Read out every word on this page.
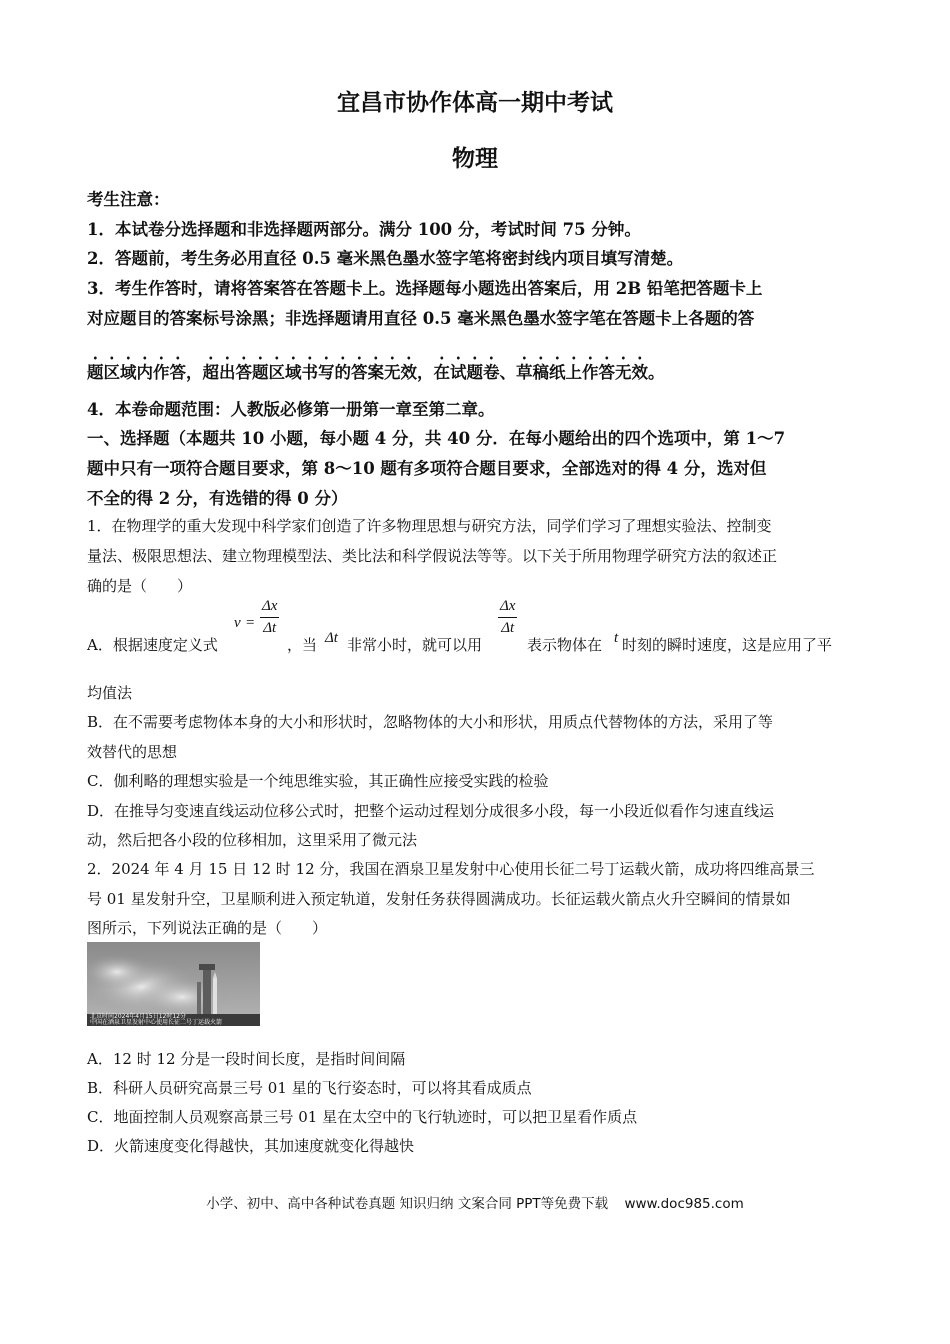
宜昌市协作体高一期中考试
物理
考生注意：
1．本试卷分选择题和非选择题两部分。满分 100 分，考试时间 75 分钟。
2．答题前，考生务必用直径 0.5 毫米黑色墨水签字笔将密封线内项目填写清楚。
3．考生作答时，请将答案答在答题卡上。选择题每小题选出答案后，用 2B 铅笔把答题卡上
对应题目的答案标号涂黑；非选择题请用直径 0.5 毫米黑色墨水签字笔在答题卡上各题的答
题区域内作答，超出答题区域书写的答案无效，在试题卷、草稿纸上作答无效。
4．本卷命题范围：人教版必修第一册第一章至第二章。
一、选择题（本题共 10 小题，每小题 4 分，共 40 分．在每小题给出的四个选项中，第 1～7
题中只有一项符合题目要求，第 8～10 题有多项符合题目要求，全部选对的得 4 分，选对但
不全的得 2 分，有选错的得 0 分）
1．在物理学的重大发现中科学家们创造了许多物理思想与研究方法，同学们学习了理想实验法、控制变
量法、极限思想法、建立物理模型法、类比法和科学假说法等等。以下关于所用物理学研究方法的叙述正
确的是（　　）
A．根据速度定义式
v =
Δx
Δt
，当 Δt 非常小时，就可以用
Δx
Δt
表示物体在 t 时刻的瞬时速度，这是应用了平
均值法
B．在不需要考虑物体本身的大小和形状时，忽略物体的大小和形状，用质点代替物体的方法，采用了等
效替代的思想
C．伽利略的理想实验是一个纯思维实验，其正确性应接受实践的检验
D．在推导匀变速直线运动位移公式时，把整个运动过程划分成很多小段，每一小段近似看作匀速直线运
动，然后把各小段的位移相加，这里采用了微元法
2．2024 年 4 月 15 日 12 时 12 分，我国在酒泉卫星发射中心使用长征二号丁运载火箭，成功将四维高景三
号 01 星发射升空，卫星顺利进入预定轨道，发射任务获得圆满成功。长征运载火箭点火升空瞬间的情景如
图所示，下列说法正确的是（　　）
北京时间2024年4月15日12时12分
中国在酒泉卫星发射中心使用长征二号丁运载火箭
A．12 时 12 分是一段时间长度，是指时间间隔
B．科研人员研究高景三号 01 星的飞行姿态时，可以将其看成质点
C．地面控制人员观察高景三号 01 星在太空中的飞行轨迹时，可以把卫星看作质点
D．火箭速度变化得越快，其加速度就变化得越快
小学、初中、高中各种试卷真题 知识归纳 文案合同 PPT等免费下载 www.doc985.com
